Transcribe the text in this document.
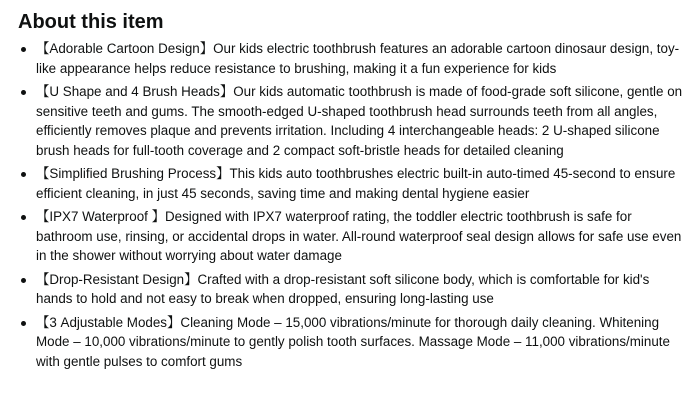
About this item
【Adorable Cartoon Design】Our kids electric toothbrush features an adorable cartoon dinosaur design, toy-like appearance helps reduce resistance to brushing, making it a fun experience for kids
【U Shape and 4 Brush Heads】Our kids automatic toothbrush is made of food-grade soft silicone, gentle on sensitive teeth and gums. The smooth-edged U-shaped toothbrush head surrounds teeth from all angles, efficiently removes plaque and prevents irritation. Including 4 interchangeable heads: 2 U-shaped silicone brush heads for full-tooth coverage and 2 compact soft-bristle heads for detailed cleaning
【Simplified Brushing Process】This kids auto toothbrushes electric built-in auto-timed 45-second to ensure efficient cleaning, in just 45 seconds, saving time and making dental hygiene easier
【IPX7 Waterproof 】Designed with IPX7 waterproof rating, the toddler electric toothbrush is safe for bathroom use, rinsing, or accidental drops in water. All-round waterproof seal design allows for safe use even in the shower without worrying about water damage
【Drop-Resistant Design】Crafted with a drop-resistant soft silicone body, which is comfortable for kid's hands to hold and not easy to break when dropped, ensuring long-lasting use
【3 Adjustable Modes】Cleaning Mode – 15,000 vibrations/minute for thorough daily cleaning. Whitening Mode – 10,000 vibrations/minute to gently polish tooth surfaces. Massage Mode – 11,000 vibrations/minute with gentle pulses to comfort gums
